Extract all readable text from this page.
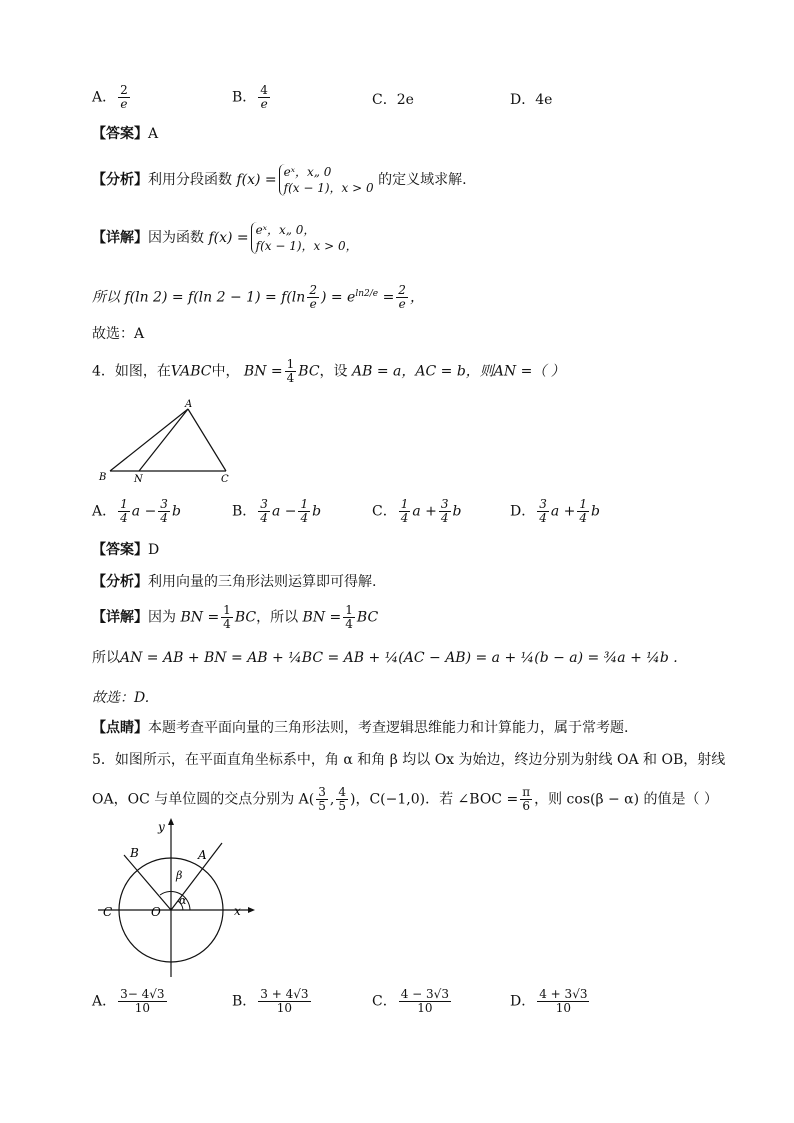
A． $\frac{2}{e}$	B． $\frac{4}{e}$	C．2e	D．4e
【答案】A
【分析】利用分段函数 f(x) = eˣ，x„ 0
f(x − 1)，x > 0 的定义域求解.
【详解】因为函数 f(x) = eˣ，x„ 0，
f(x − 1)，x > 0，
所以 f(ln 2) = f(ln $2 - 1) = f(\ln \frac{2}{e}$ ) = $e^{ln2/e} = \frac{2}{e}$ ，
故选：A
4．如图，在VABC中， BN = $\frac{1}{4}$ BC，设 AB = a，AC = b，则AN =（ ）
A
B	N	C
A． $\frac{1}{4}$ $a - \frac{3}{4}$ b	B． $\frac{3}{4}$ $a - \frac{1}{4}$ b	C． $\frac{1}{4}$ $a + \frac{3}{4}$ b	D． $\frac{3}{4}$ $a + \frac{1}{4}$ b
【答案】D
【分析】利用向量的三角形法则运算即可得解.
【详解】因为 BN = $\frac{1}{4}$ BC，所以 BN = $\frac{1}{4}$ BC
所以AN = AB + BN = AB + ¼BC = AB + ¼(AC − AB) = a + ¼(b − a) = ¾a + ¼b .
故选：D.
【点睛】本题考查平面向量的三角形法则，考查逻辑思维能力和计算能力，属于常考题.
5．如图所示，在平面直角坐标系中，角 α 和角 β 均以 Ox 为始边，终边分别为射线 OA 和 OB，射线
OA，OC 与单位圆的交点分别为 $A( \frac{3}{5}$ , $\frac{4}{5}$ )，C(−1,0)．若 ∠BOC = $\frac{\pi}{6}$ ，则 cos(β − α) 的值是（ ）
y
x
A
B
C	O
α
β
A． $\frac{3- 4√3}{10}$	B． $\frac{3 + 4√3}{10}$	C． $\frac{4 - 3√3}{10}$	D． $\frac{4 + 3√3}{10}$
